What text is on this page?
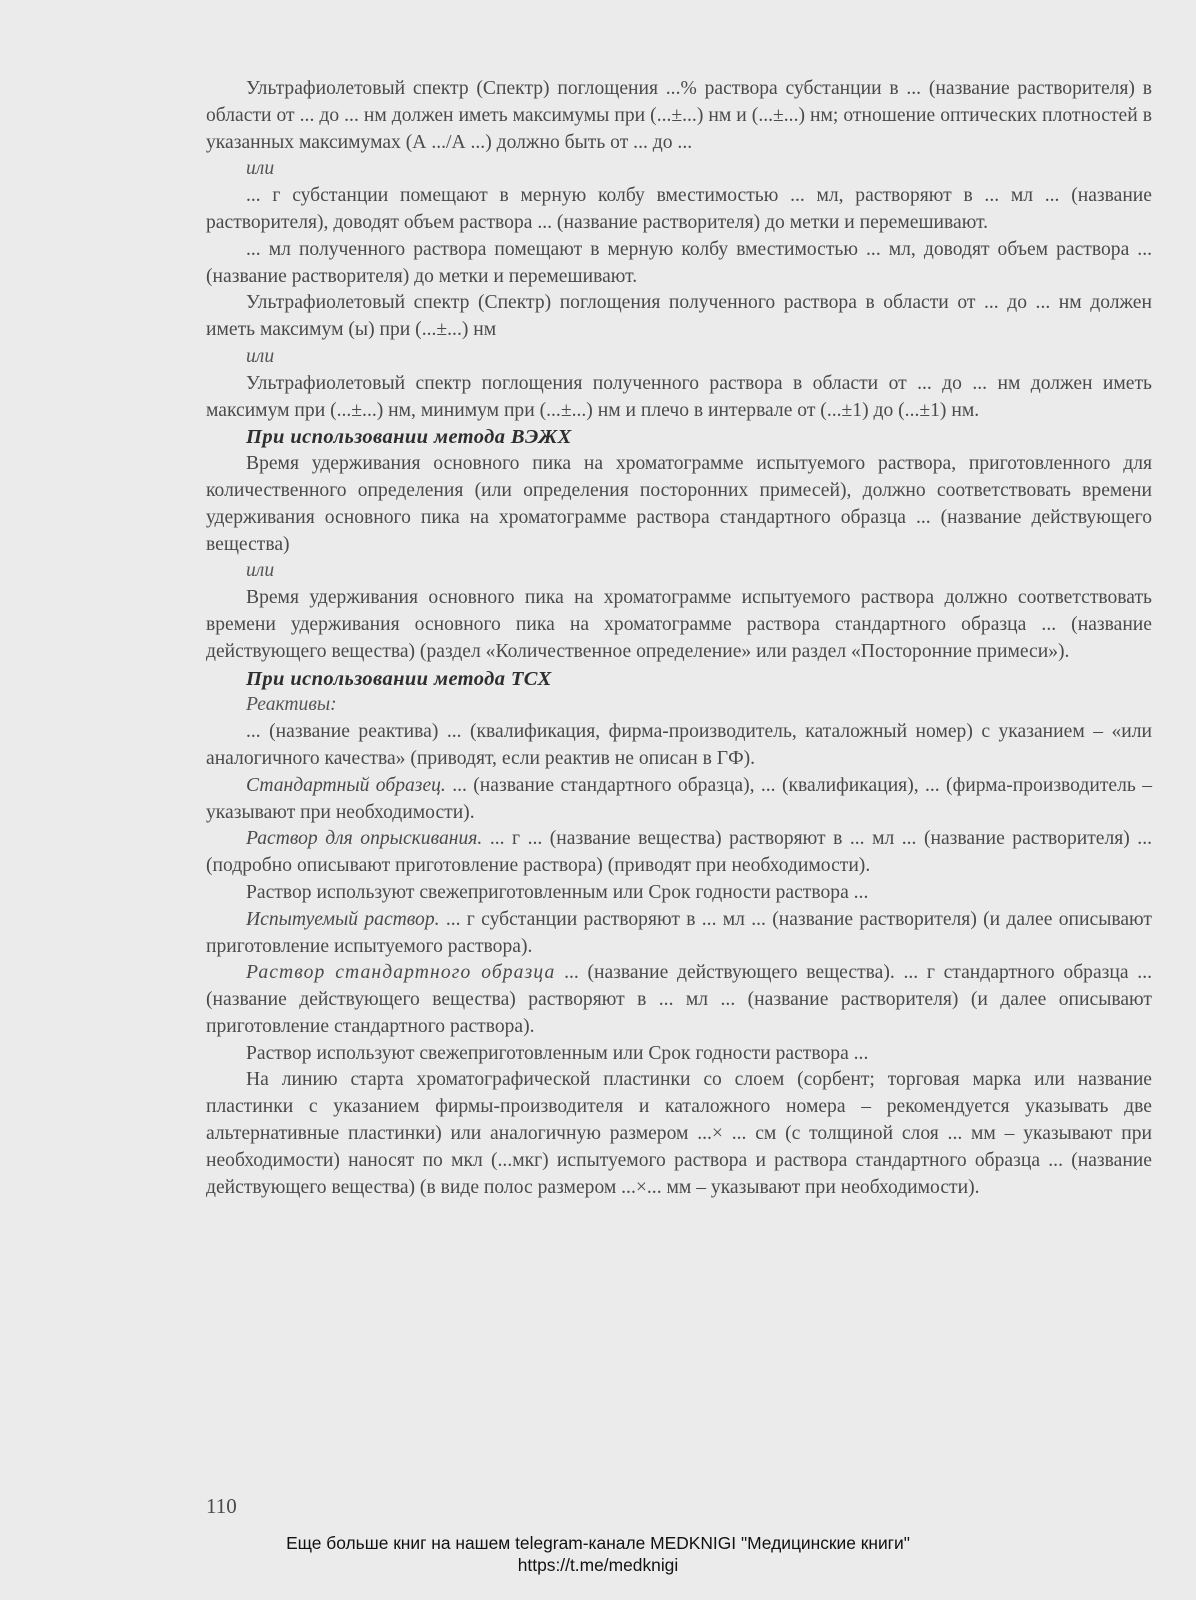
Ультрафиолетовый спектр (Спектр) поглощения ...% раствора субстанции в ... (название растворителя) в области от ... до ... нм должен иметь максимумы при (...±...) нм и (...±...) нм; отношение оптических плотностей в указанных максимумах (А .../А ...) должно быть от ... до ...

или

... г субстанции помещают в мерную колбу вместимостью ... мл, растворяют в ... мл ... (название растворителя), доводят объем раствора ... (название растворителя) до метки и перемешивают.

... мл полученного раствора помещают в мерную колбу вместимостью ... мл, доводят объем раствора ... (название растворителя) до метки и перемешивают.

Ультрафиолетовый спектр (Спектр) поглощения полученного раствора в области от ... до ... нм должен иметь максимум (ы) при (...±...) нм

или

Ультрафиолетовый спектр поглощения полученного раствора в области от ... до ... нм должен иметь максимум при (...±...) нм, минимум при (...±...) нм и плечо в интервале от (...±1) до (...±1) нм.

При использовании метода ВЭЖХ

Время удерживания основного пика на хроматограмме испытуемого раствора, приготовленного для количественного определения (или определения посторонних примесей), должно соответствовать времени удерживания основного пика на хроматограмме раствора стандартного образца ... (название действующего вещества)

или

Время удерживания основного пика на хроматограмме испытуемого раствора должно соответствовать времени удерживания основного пика на хроматограмме раствора стандартного образца ... (название действующего вещества) (раздел «Количественное определение» или раздел «Посторонние примеси»).

При использовании метода ТСХ

Реактивы:

... (название реактива) ... (квалификация, фирма-производитель, каталожный номер) с указанием – «или аналогичного качества» (приводят, если реактив не описан в ГФ).

Стандартный образец. ... (название стандартного образца), ... (квалификация), ... (фирма-производитель – указывают при необходимости).

Раствор для опрыскивания. ... г ... (название вещества) растворяют в ... мл ... (название растворителя) ... (подробно описывают приготовление раствора) (приводят при необходимости).

Раствор используют свежеприготовленным или Срок годности раствора ...

Испытуемый раствор. ... г субстанции растворяют в ... мл ... (название растворителя) (и далее описывают приготовление испытуемого раствора).

Раствор стандартного образца ... (название действующего вещества). ... г стандартного образца ... (название действующего вещества) растворяют в ... мл ... (название растворителя) (и далее описывают приготовление стандартного раствора).

Раствор используют свежеприготовленным или Срок годности раствора ...

На линию старта хроматографической пластинки со слоем (сорбент; торговая марка или название пластинки с указанием фирмы-производителя и каталожного номера – рекомендуется указывать две альтернативные пластинки) или аналогичную размером ...× ... см (с толщиной слоя ... мм – указывают при необходимости) наносят по мкл (...мкг) испытуемого раствора и раствора стандартного образца ... (название действующего вещества) (в виде полос размером ...×... мм – указывают при необходимости).

110
Еще больше книг на нашем telegram-канале MEDKNIGI "Медицинские книги"
https://t.me/medknigi
